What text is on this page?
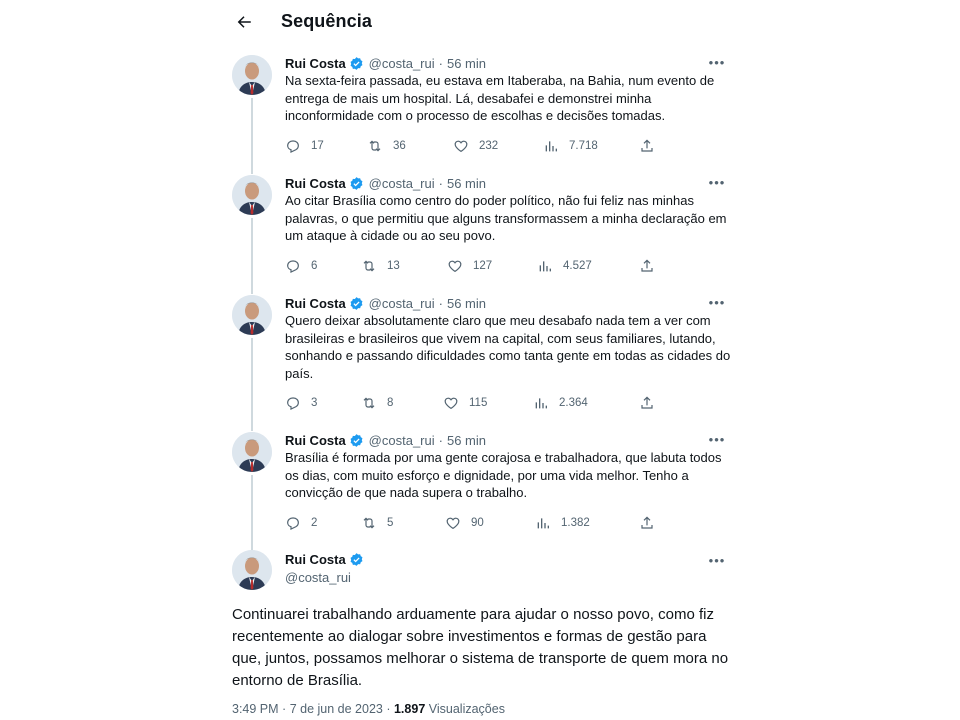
Sequência
Rui Costa @costa_rui · 56 min	•••
Na sexta-feira passada, eu estava em Itaberaba, na Bahia, num evento de entrega de mais um hospital. Lá, desabafei e demonstrei minha inconformidade com o processo de escolhas e decisões tomadas.
17	36	232	7.718
Rui Costa @costa_rui · 56 min	•••
Ao citar Brasília como centro do poder político, não fui feliz nas minhas palavras, o que permitiu que alguns transformassem a minha declaração em um ataque à cidade ou ao seu povo.
6	13	127	4.527
Rui Costa @costa_rui · 56 min	•••
Quero deixar absolutamente claro que meu desabafo nada tem a ver com brasileiras e brasileiros que vivem na capital, com seus familiares, lutando, sonhando e passando dificuldades como tanta gente em todas as cidades do país.
3	8	115	2.364
Rui Costa @costa_rui · 56 min	•••
Brasília é formada por uma gente corajosa e trabalhadora, que labuta todos os dias, com muito esforço e dignidade, por uma vida melhor. Tenho a convicção de que nada supera o trabalho.
2	5	90	1.382
Rui Costa
@costa_rui
•••
Continuarei trabalhando arduamente para ajudar o nosso povo, como fiz recentemente ao dialogar sobre investimentos e formas de gestão para que, juntos, possamos melhorar o sistema de transporte de quem mora no entorno de Brasília.
3:49 PM · 7 de jun de 2023 · 1.897 Visualizações
